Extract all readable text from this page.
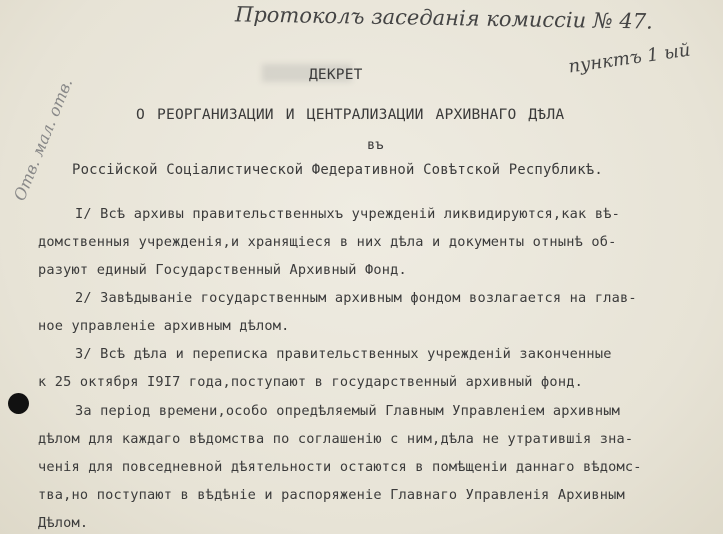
Протоколъ заседанія комиссіи № 47.
пунктъ 1 ый
Отв. мал. отв.
ДЕКРЕТ
О РЕОРГАНИЗАЦИИ И ЦЕНТРАЛИЗАЦИИ АРХИВНАГО ДѢЛА
въ
Россійской Соціалистической Федеративной Совѣтской Республикѣ.
I/ Всѣ архивы правительственныхъ учрежденій ликвидируются,как вѣ-
домственныя учрежденія,и хранящіеся в них дѣла и документы отнынѣ об-
разуют единый Государственный Архивный Фонд.
2/ Завѣдываніе государственным архивным фондом возлагается на глав-
ное управленіе архивным дѣлом.
3/ Всѣ дѣла и переписка правительственных учрежденій законченные
к 25 октября I9I7 года,поступают в государственный архивный фонд.
За період времени,особо опредѣляемый Главным Управленіем архивным
дѣлом для каждаго вѣдомства по соглашенію с ним,дѣла не утратившія зна-
ченія для повседневной дѣятельности остаются в помѣщеніи даннаго вѣдомс-
тва,но поступают в вѣдѣніе и распоряженіе Главнаго Управленія Архивным
Дѣлом.
